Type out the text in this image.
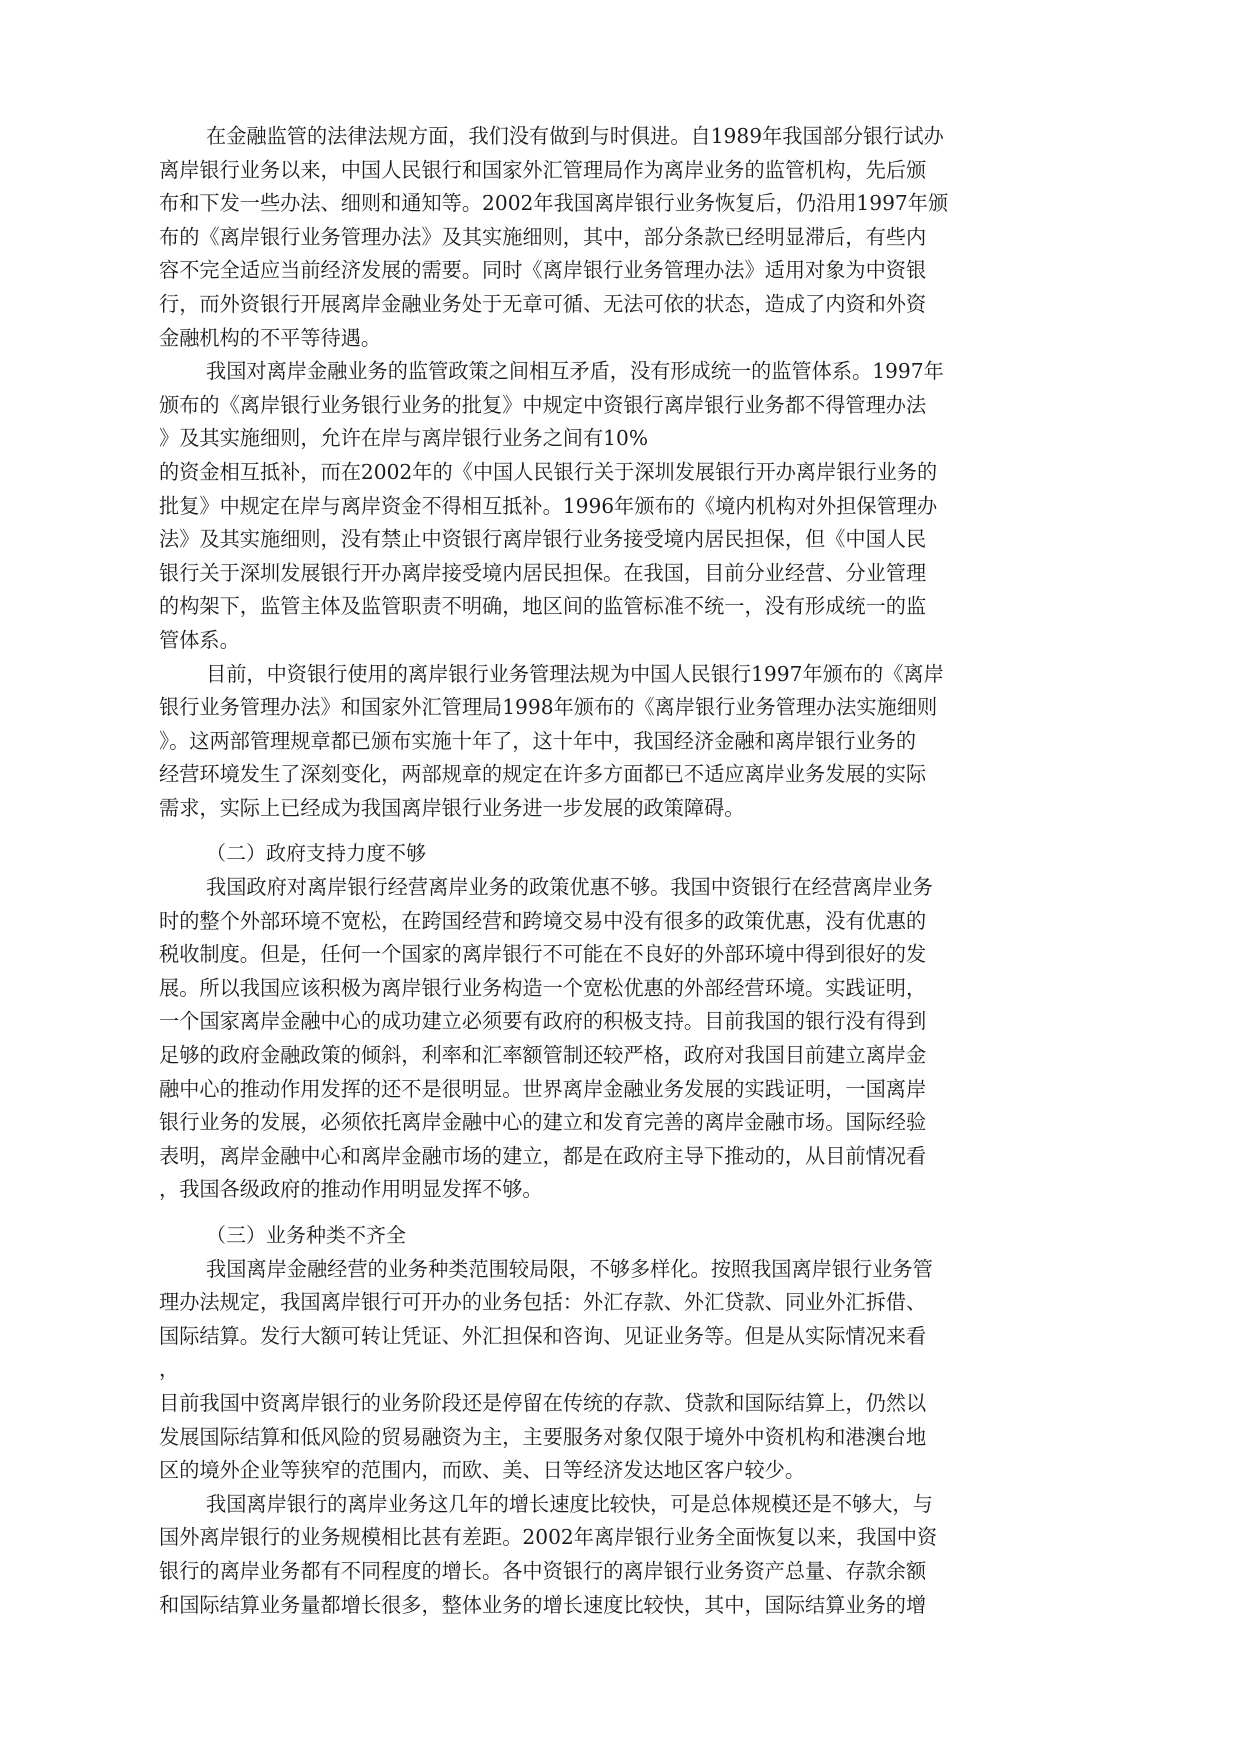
在金融监管的法律法规方面，我们没有做到与时俱进。自1989年我国部分银行试办
离岸银行业务以来，中国人民银行和国家外汇管理局作为离岸业务的监管机构，先后颁
布和下发一些办法、细则和通知等。2002年我国离岸银行业务恢复后，仍沿用1997年颁
布的《离岸银行业务管理办法》及其实施细则，其中，部分条款已经明显滞后，有些内
容不完全适应当前经济发展的需要。同时《离岸银行业务管理办法》适用对象为中资银
行，而外资银行开展离岸金融业务处于无章可循、无法可依的状态，造成了内资和外资
金融机构的不平等待遇。
我国对离岸金融业务的监管政策之间相互矛盾，没有形成统一的监管体系。1997年
颁布的《离岸银行业务银行业务的批复》中规定中资银行离岸银行业务都不得管理办法
》及其实施细则，允许在岸与离岸银行业务之间有10%
的资金相互抵补，而在2002年的《中国人民银行关于深圳发展银行开办离岸银行业务的
批复》中规定在岸与离岸资金不得相互抵补。1996年颁布的《境内机构对外担保管理办
法》及其实施细则，没有禁止中资银行离岸银行业务接受境内居民担保，但《中国人民
银行关于深圳发展银行开办离岸接受境内居民担保。在我国，目前分业经营、分业管理
的构架下，监管主体及监管职责不明确，地区间的监管标准不统一，没有形成统一的监
管体系。
目前，中资银行使用的离岸银行业务管理法规为中国人民银行1997年颁布的《离岸
银行业务管理办法》和国家外汇管理局1998年颁布的《离岸银行业务管理办法实施细则
》。这两部管理规章都已颁布实施十年了，这十年中，我国经济金融和离岸银行业务的
经营环境发生了深刻变化，两部规章的规定在许多方面都已不适应离岸业务发展的实际
需求，实际上已经成为我国离岸银行业务进一步发展的政策障碍。
（二）政府支持力度不够
我国政府对离岸银行经营离岸业务的政策优惠不够。我国中资银行在经营离岸业务
时的整个外部环境不宽松，在跨国经营和跨境交易中没有很多的政策优惠，没有优惠的
税收制度。但是，任何一个国家的离岸银行不可能在不良好的外部环境中得到很好的发
展。所以我国应该积极为离岸银行业务构造一个宽松优惠的外部经营环境。实践证明，
一个国家离岸金融中心的成功建立必须要有政府的积极支持。目前我国的银行没有得到
足够的政府金融政策的倾斜，利率和汇率额管制还较严格，政府对我国目前建立离岸金
融中心的推动作用发挥的还不是很明显。世界离岸金融业务发展的实践证明，一国离岸
银行业务的发展，必须依托离岸金融中心的建立和发育完善的离岸金融市场。国际经验
表明，离岸金融中心和离岸金融市场的建立，都是在政府主导下推动的，从目前情况看
，我国各级政府的推动作用明显发挥不够。
（三）业务种类不齐全
我国离岸金融经营的业务种类范围较局限，不够多样化。按照我国离岸银行业务管
理办法规定，我国离岸银行可开办的业务包括：外汇存款、外汇贷款、同业外汇拆借、
国际结算。发行大额可转让凭证、外汇担保和咨询、见证业务等。但是从实际情况来看
，
目前我国中资离岸银行的业务阶段还是停留在传统的存款、贷款和国际结算上，仍然以
发展国际结算和低风险的贸易融资为主，主要服务对象仅限于境外中资机构和港澳台地
区的境外企业等狭窄的范围内，而欧、美、日等经济发达地区客户较少。
我国离岸银行的离岸业务这几年的增长速度比较快，可是总体规模还是不够大，与
国外离岸银行的业务规模相比甚有差距。2002年离岸银行业务全面恢复以来，我国中资
银行的离岸业务都有不同程度的增长。各中资银行的离岸银行业务资产总量、存款余额
和国际结算业务量都增长很多，整体业务的增长速度比较快，其中，国际结算业务的增
